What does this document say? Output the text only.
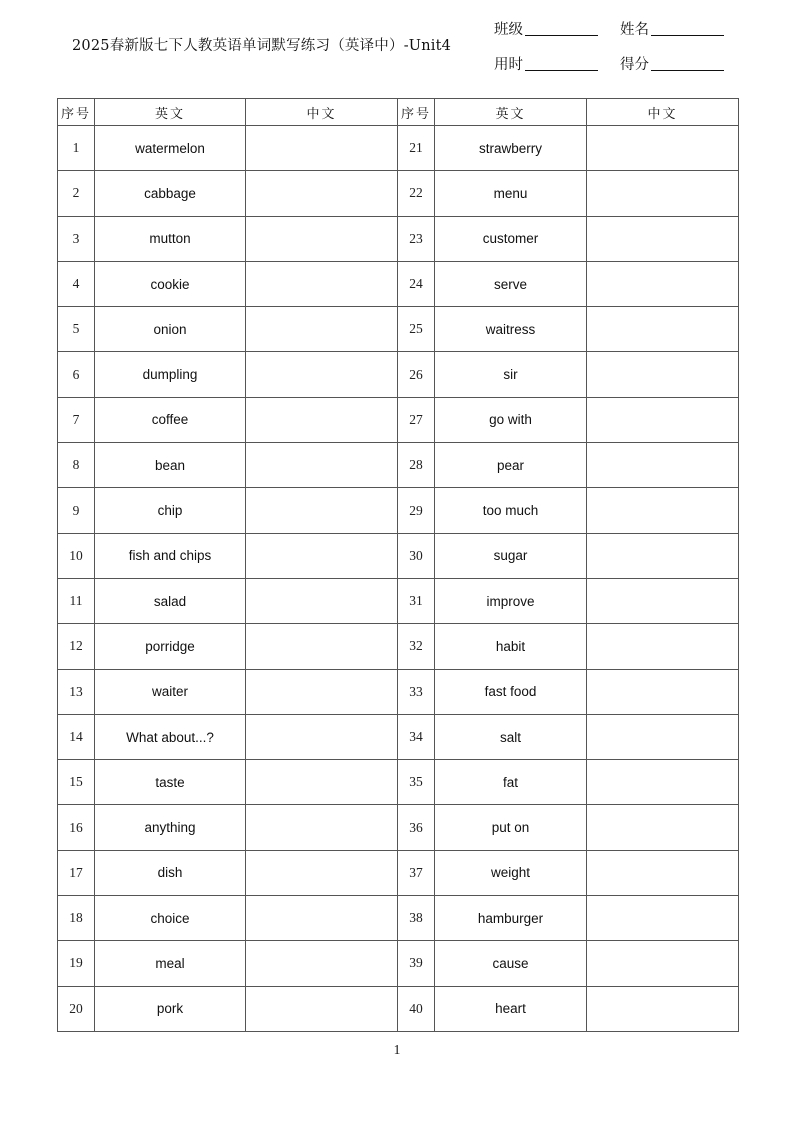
2025春新版七下人教英语单词默写练习（英译中）-Unit4
班级	姓名
用时	得分
序号	英文	中文	序号	英文	中文
1	watermelon		21	strawberry	
2	cabbage		22	menu	
3	mutton		23	customer	
4	cookie		24	serve	
5	onion		25	waitress	
6	dumpling		26	sir	
7	coffee		27	go with	
8	bean		28	pear	
9	chip		29	too much	
10	fish and chips		30	sugar	
11	salad		31	improve	
12	porridge		32	habit	
13	waiter		33	fast food	
14	What about...?		34	salt	
15	taste		35	fat	
16	anything		36	put on	
17	dish		37	weight	
18	choice		38	hamburger	
19	meal		39	cause	
20	pork		40	heart	
1
